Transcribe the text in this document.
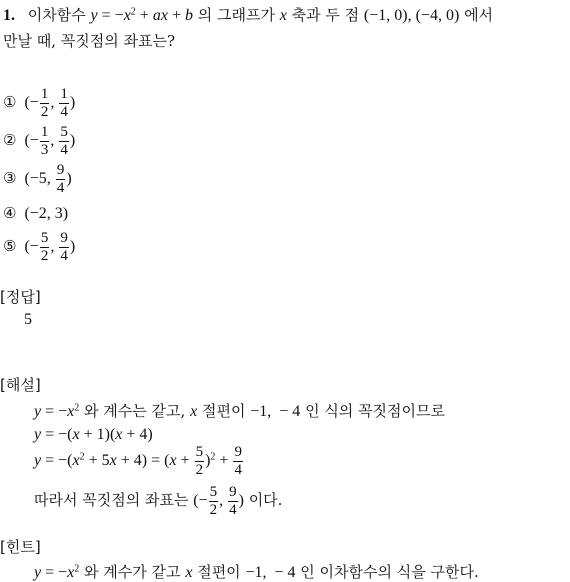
1. 이차함수 $y = -x^2$ + ax + b 의 그래프가 x 축과 두 점 (−1, 0), (−4, 0) 에서
만날 때, 꼭짓점의 좌표는?
① (− $\frac{1}{2}$ , $\frac{1}{4}$ )
② (− $\frac{1}{3}$ , $\frac{5}{4}$ )
③ (−5, $\frac{9}{4}$ )
④ (−2, 3)
⑤ (− $\frac{5}{2}$ , $\frac{9}{4}$ )
[정답]
5
[해설]
$y = -x^2$ 와 계수는 같고, x 절편이 −1,  − 4 인 식의 꼭짓점이므로
y = −(x + 1)(x + 4)
$y = -(x^2 + 5x + 4) = (x + \frac{5}{2} )^2 + \frac{9}{4}$
따라서 꼭짓점의 좌표는 (− $\frac{5}{2}$ , $\frac{9}{4}$ ) 이다.
[힌트]
$y = -x^2$ 와 계수가 같고 x 절편이 −1,  − 4 인 이차함수의 식을 구한다.
